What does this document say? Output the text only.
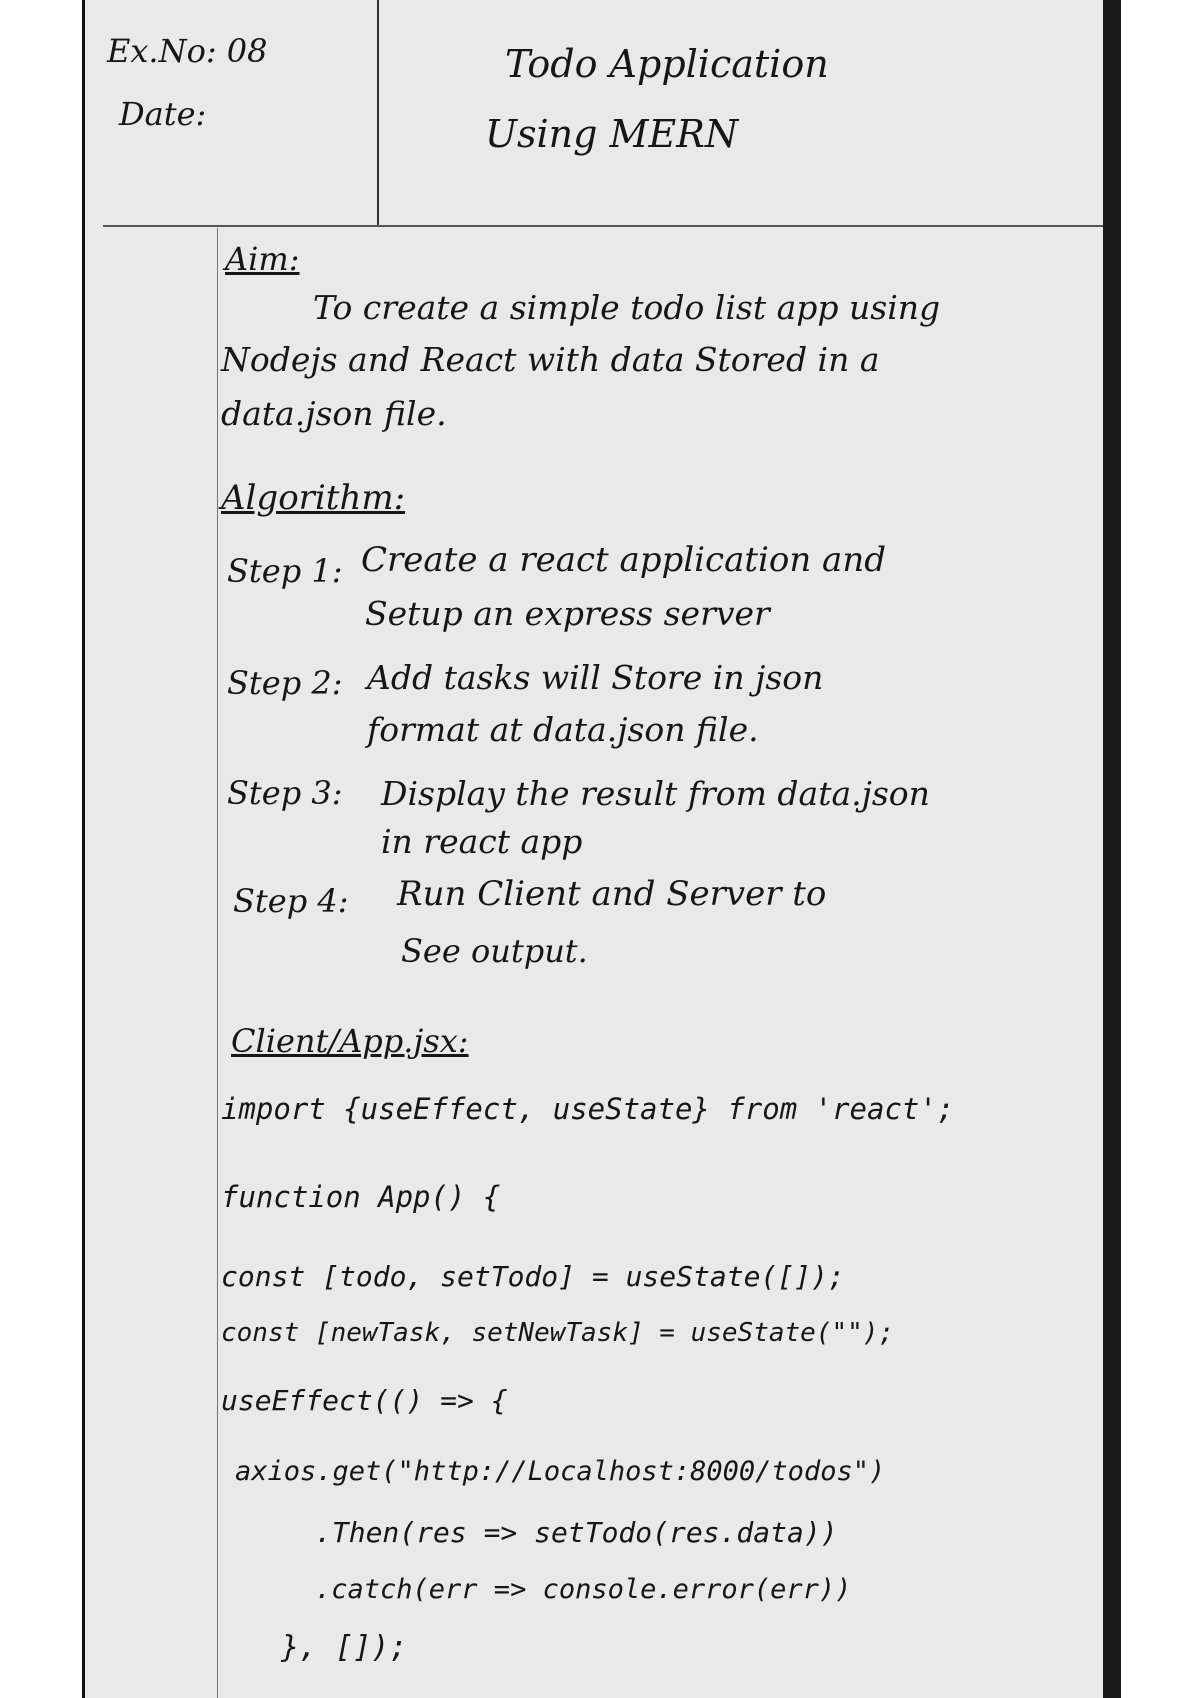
Ex.No: 08
Date:
Todo Application
Using MERN
Aim:
To create a simple todo list app using
Nodejs and React with data Stored in a
data.json file.
Algorithm:
Step 1: Create a react application and
Setup an express server
Step 2: Add tasks will Store in json
format at data.json file.
Step 3: Display the result from data.json
in react app
Step 4: Run Client and Server to
See output.
Client/App.jsx:
import {useEffect, useState} from 'react';
function App() {
const [todo, setTodo] = useState([]);
const [newTask, setNewTask] = useState("");
useEffect(() => {
axios.get("http://Localhost:8000/todos")
.Then(res => setTodo(res.data))
.catch(err => console.error(err))
}, []);
